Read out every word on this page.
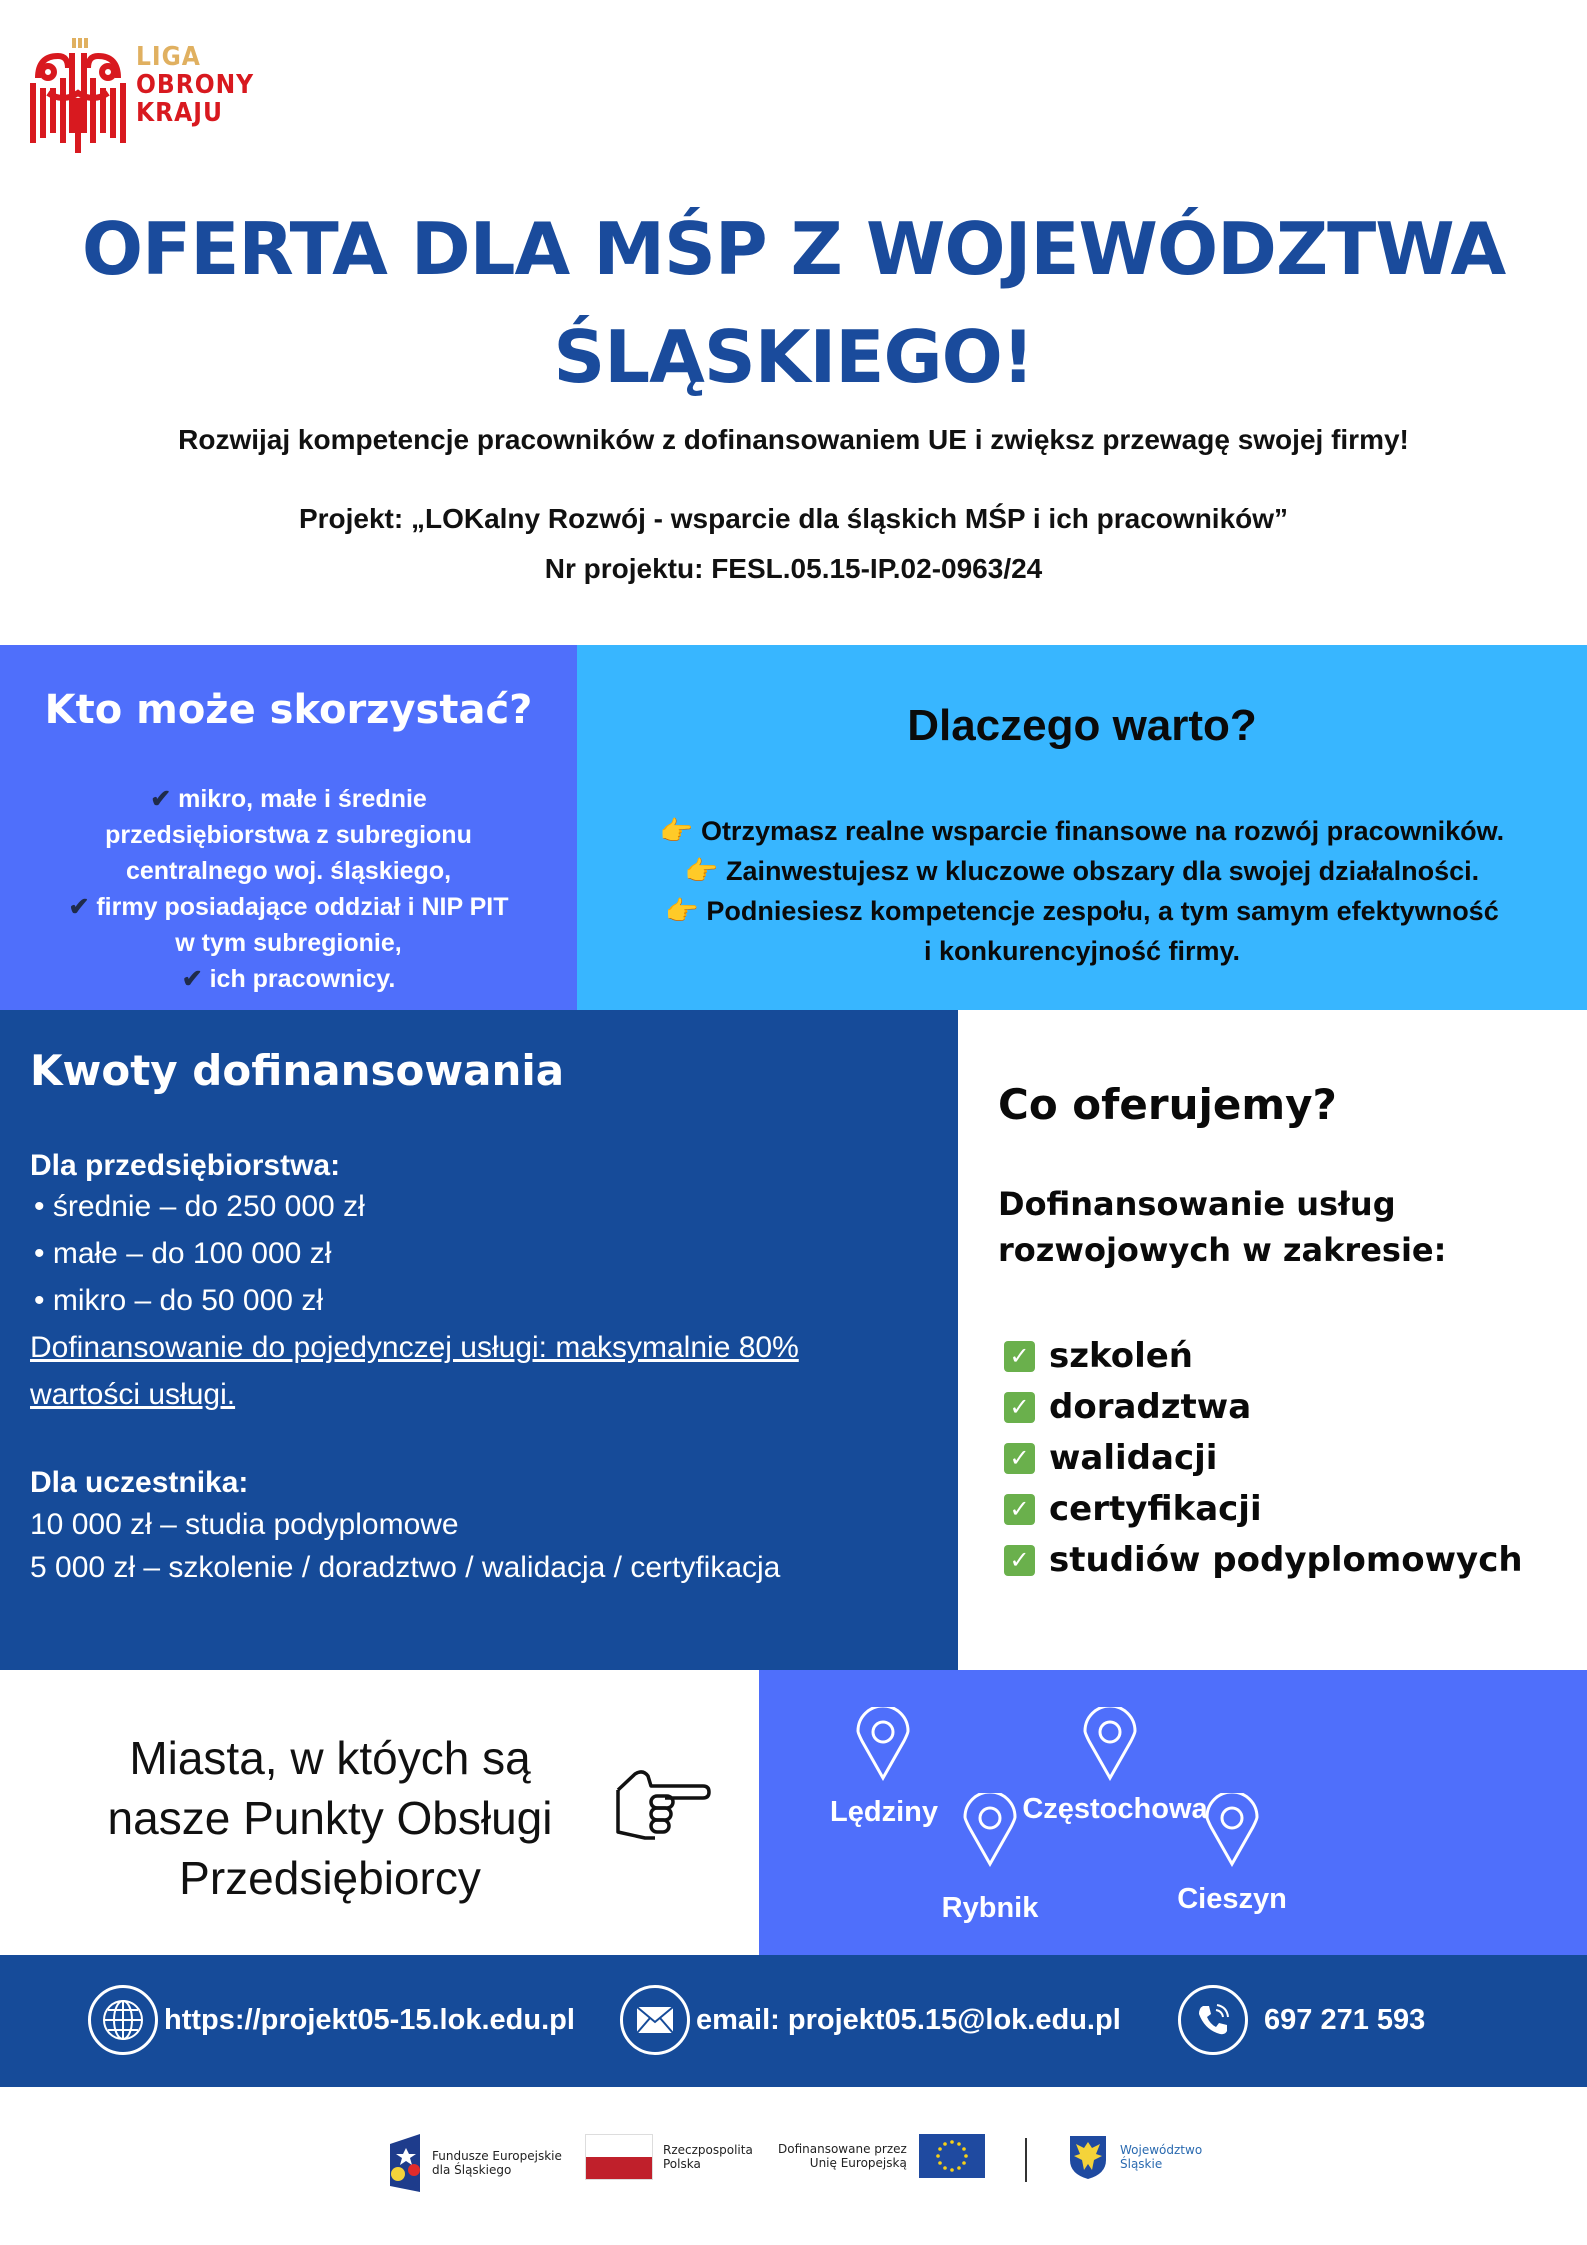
LIGA
OBRONY
KRAJU
OFERTA DLA MŚP Z WOJEWÓDZTWA
ŚLĄSKIEGO!
Rozwijaj kompetencje pracowników z dofinansowaniem UE i zwiększ przewagę swojej firmy!
Projekt: „LOKalny Rozwój - wsparcie dla śląskich MŚP i ich pracowników”
Nr projektu: FESL.05.15-IP.02-0963/24
Kto może skorzystać?
✔ mikro, małe i średnie
przedsiębiorstwa z subregionu
centralnego woj. śląskiego,
✔ firmy posiadające oddział i NIP PIT
w tym subregionie,
✔ ich pracownicy.
Dlaczego warto?
👉 Otrzymasz realne wsparcie finansowe na rozwój pracowników.
👉 Zainwestujesz w kluczowe obszary dla swojej działalności.
👉 Podniesiesz kompetencje zespołu, a tym samym efektywność
i konkurencyjność firmy.
Kwoty dofinansowania
Dla przedsiębiorstwa:
• średnie – do 250 000 zł
• małe – do 100 000 zł
• mikro – do 50 000 zł
Dofinansowanie do pojedynczej usługi: maksymalnie 80%
wartości usługi.
Dla uczestnika:
10 000 zł – studia podyplomowe
5 000 zł – szkolenie / doradztwo / walidacja / certyfikacja
Co oferujemy?
Dofinansowanie usług
rozwojowych w zakresie:
✓ szkoleń
✓ doradztwa
✓ walidacji
✓ certyfikacji
✓ studiów podyplomowych
Miasta, w któych są
nasze Punkty Obsługi
Przedsiębiorcy
Lędziny
Rybnik
Częstochowa
Cieszyn
https://projekt05-15.lok.edu.pl	email: projekt05.15@lok.edu.pl	697 271 593
Fundusze Europejskie
dla Śląskiego
Rzeczpospolita
Polska
Dofinansowane przez
Unię Europejską
Województwo
Śląskie
